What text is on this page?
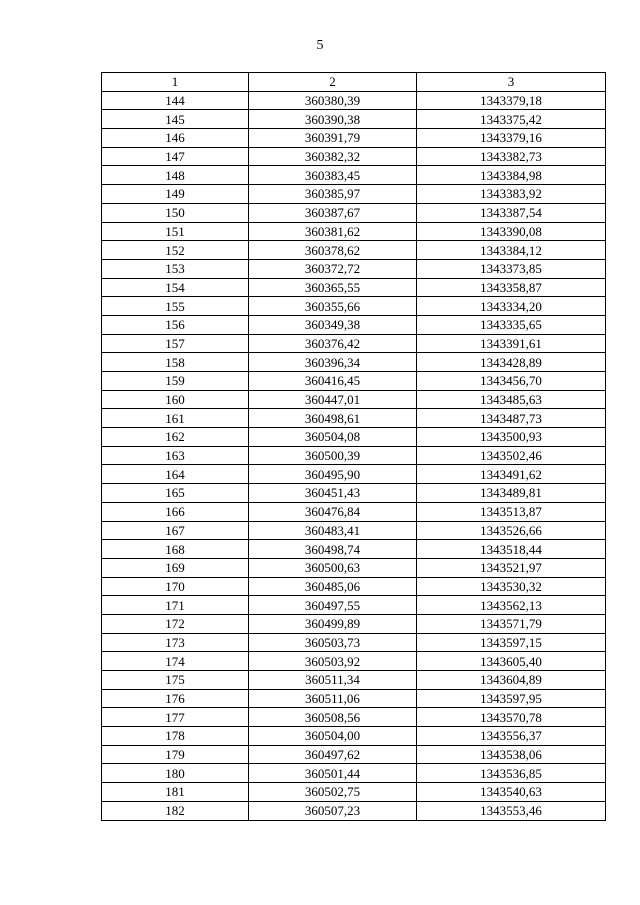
5
1	2	3
144	360380,39	1343379,18
145	360390,38	1343375,42
146	360391,79	1343379,16
147	360382,32	1343382,73
148	360383,45	1343384,98
149	360385,97	1343383,92
150	360387,67	1343387,54
151	360381,62	1343390,08
152	360378,62	1343384,12
153	360372,72	1343373,85
154	360365,55	1343358,87
155	360355,66	1343334,20
156	360349,38	1343335,65
157	360376,42	1343391,61
158	360396,34	1343428,89
159	360416,45	1343456,70
160	360447,01	1343485,63
161	360498,61	1343487,73
162	360504,08	1343500,93
163	360500,39	1343502,46
164	360495,90	1343491,62
165	360451,43	1343489,81
166	360476,84	1343513,87
167	360483,41	1343526,66
168	360498,74	1343518,44
169	360500,63	1343521,97
170	360485,06	1343530,32
171	360497,55	1343562,13
172	360499,89	1343571,79
173	360503,73	1343597,15
174	360503,92	1343605,40
175	360511,34	1343604,89
176	360511,06	1343597,95
177	360508,56	1343570,78
178	360504,00	1343556,37
179	360497,62	1343538,06
180	360501,44	1343536,85
181	360502,75	1343540,63
182	360507,23	1343553,46
